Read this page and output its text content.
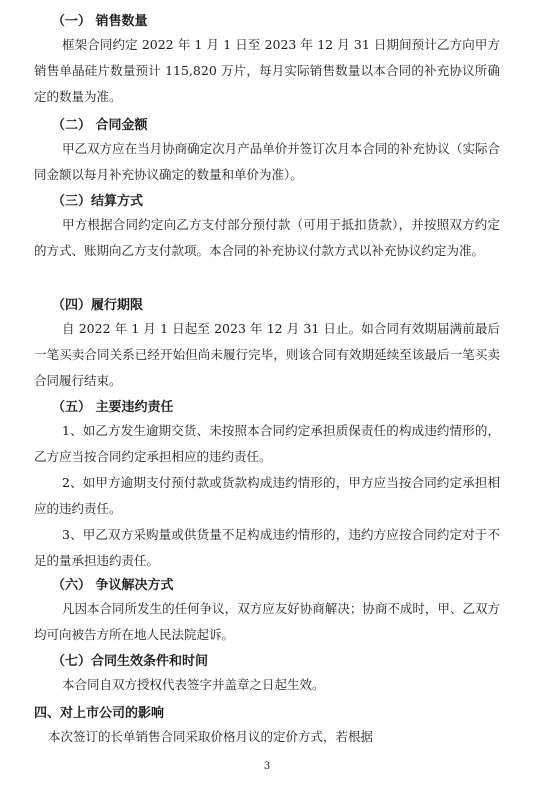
（一） 销售数量
框架合同约定 2022 年 1 月 1 日至 2023 年 12 月 31 日期间预计乙方向甲方销售单晶硅片数量预计 115,820 万片，每月实际销售数量以本合同的补充协议所确定的数量为准。
（二） 合同金额
甲乙双方应在当月协商确定次月产品单价并签订次月本合同的补充协议（实际合同金额以每月补充协议确定的数量和单价为准）。
（三）结算方式
甲方根据合同约定向乙方支付部分预付款（可用于抵扣货款），并按照双方约定的方式、账期向乙方支付款项。本合同的补充协议付款方式以补充协议约定为准。
（四）履行期限
自 2022 年 1 月 1 日起至 2023 年 12 月 31 日止。如合同有效期届满前最后一笔买卖合同关系已经开始但尚未履行完毕，则该合同有效期延续至该最后一笔买卖合同履行结束。
（五） 主要违约责任
1、如乙方发生逾期交货、未按照本合同约定承担质保责任的构成违约情形的，乙方应当按合同约定承担相应的违约责任。
2、如甲方逾期支付预付款或货款构成违约情形的，甲方应当按合同约定承担相应的违约责任。
3、甲乙双方采购量或供货量不足构成违约情形的，违约方应按合同约定对于不足的量承担违约责任。
（六） 争议解决方式
凡因本合同所发生的任何争议，双方应友好协商解决；协商不成时，甲、乙双方均可向被告方所在地人民法院起诉。
（七）合同生效条件和时间
本合同自双方授权代表签字并盖章之日起生效。
四、对上市公司的影响
本次签订的长单销售合同采取价格月议的定价方式，若根据
3
